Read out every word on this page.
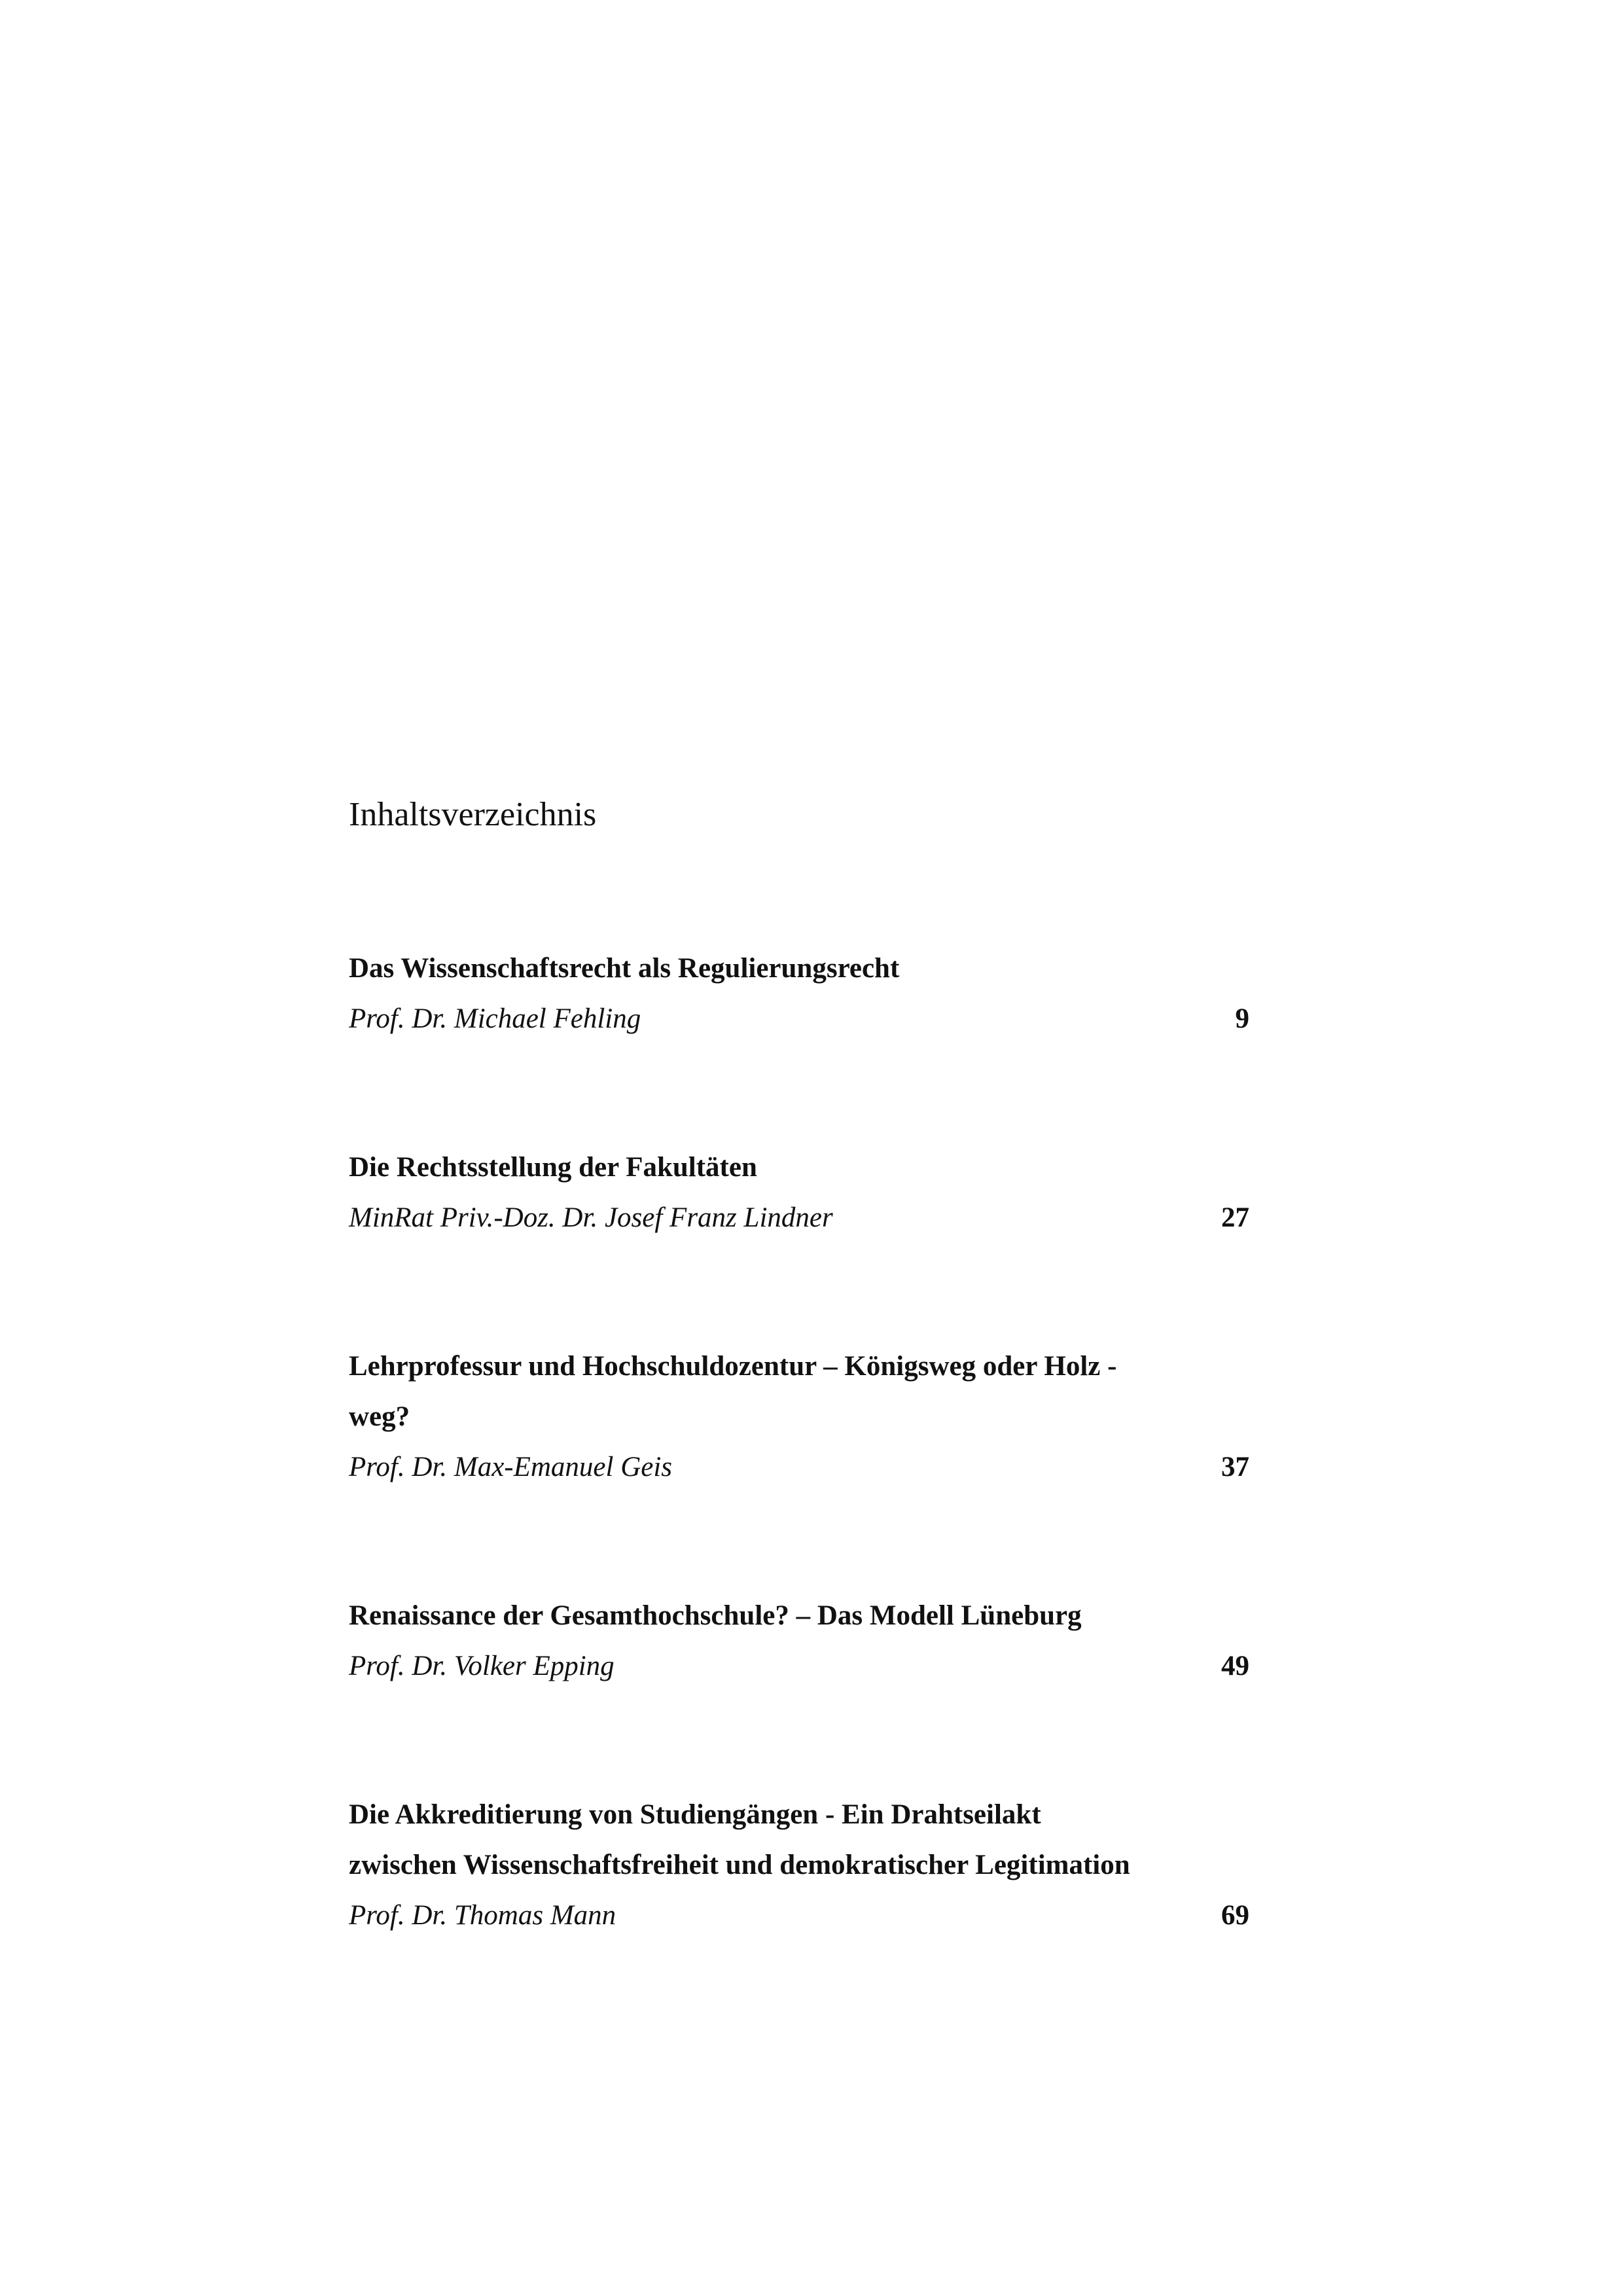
Inhaltsverzeichnis
Das Wissenschaftsrecht als Regulierungsrecht
Prof. Dr. Michael Fehling	9
Die Rechtsstellung der Fakultäten
MinRat Priv.-Doz. Dr. Josef Franz Lindner	27
Lehrprofessur und Hochschuldozentur – Königsweg oder Holz -
weg?
Prof. Dr. Max-Emanuel Geis	37
Renaissance der Gesamthochschule? – Das Modell Lüneburg
Prof. Dr. Volker Epping	49
Die Akkreditierung von Studiengängen - Ein Drahtseilakt
zwischen Wissenschaftsfreiheit und demokratischer Legitimation
Prof. Dr. Thomas Mann	69
